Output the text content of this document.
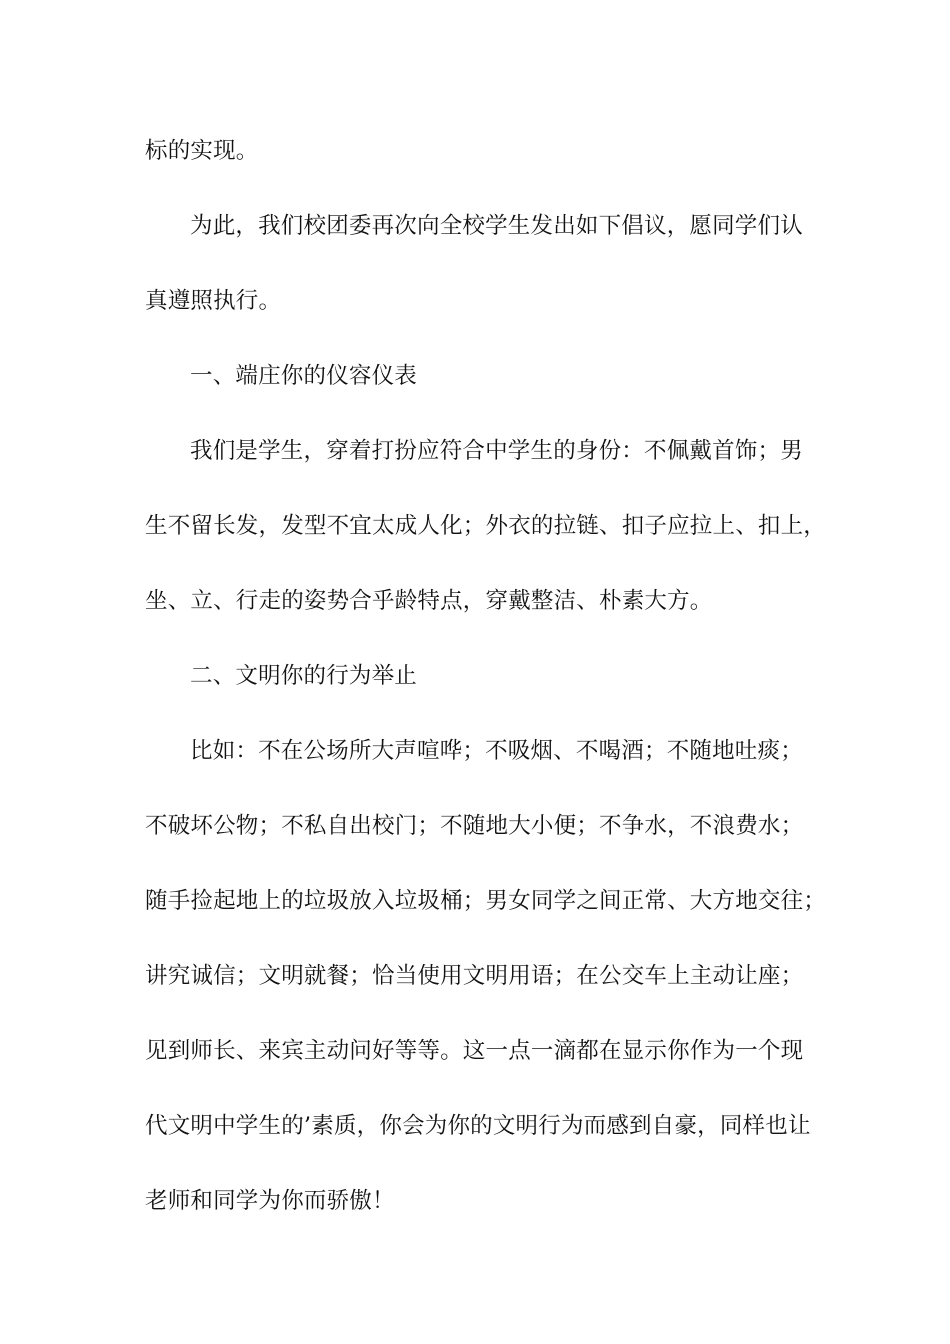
标的实现。
为此，我们校团委再次向全校学生发出如下倡议，愿同学们认
真遵照执行。
一、端庄你的仪容仪表
我们是学生，穿着打扮应符合中学生的身份：不佩戴首饰；男
生不留长发，发型不宜太成人化；外衣的拉链、扣子应拉上、扣上，
坐、立、行走的姿势合乎龄特点，穿戴整洁、朴素大方。
二、文明你的行为举止
比如：不在公场所大声喧哗；不吸烟、不喝酒；不随地吐痰；
不破坏公物；不私自出校门；不随地大小便；不争水，不浪费水；
随手捡起地上的垃圾放入垃圾桶；男女同学之间正常、大方地交往；
讲究诚信；文明就餐；恰当使用文明用语；在公交车上主动让座；
见到师长、来宾主动问好等等。这一点一滴都在显示你作为一个现
代文明中学生的’素质，你会为你的文明行为而感到自豪，同样也让
老师和同学为你而骄傲！
